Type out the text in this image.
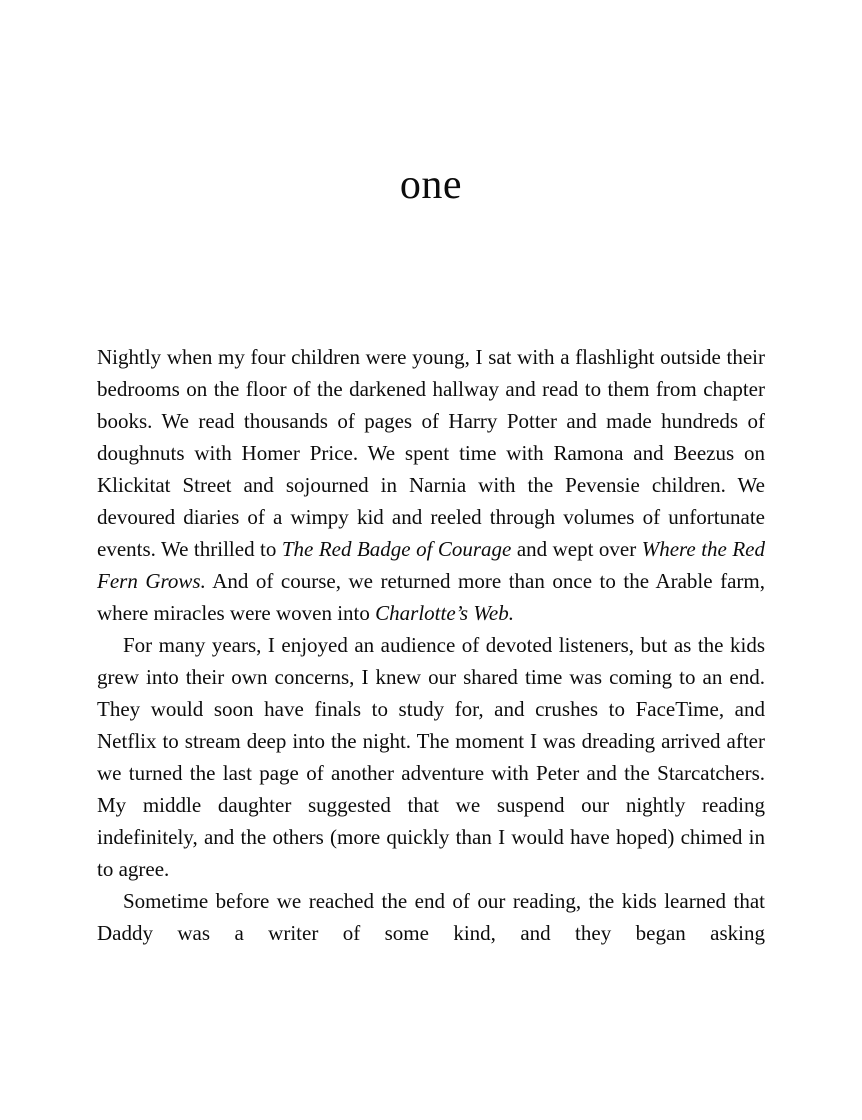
one

Nightly when my four children were young, I sat with a flashlight outside their bedrooms on the floor of the darkened hallway and read to them from chapter books. We read thousands of pages of Harry Potter and made hundreds of doughnuts with Homer Price. We spent time with Ramona and Beezus on Klickitat Street and sojourned in Narnia with the Pevensie children. We devoured diaries of a wimpy kid and reeled through volumes of unfortunate events. We thrilled to The Red Badge of Courage and wept over Where the Red Fern Grows. And of course, we returned more than once to the Arable farm, where miracles were woven into Charlotte’s Web.

For many years, I enjoyed an audience of devoted listeners, but as the kids grew into their own concerns, I knew our shared time was coming to an end. They would soon have finals to study for, and crushes to FaceTime, and Netflix to stream deep into the night. The moment I was dreading arrived after we turned the last page of another adventure with Peter and the Starcatchers. My middle daughter suggested that we suspend our nightly reading indefinitely, and the others (more quickly than I would have hoped) chimed in to agree.

Sometime before we reached the end of our reading, the kids learned that Daddy was a writer of some kind, and they began asking
